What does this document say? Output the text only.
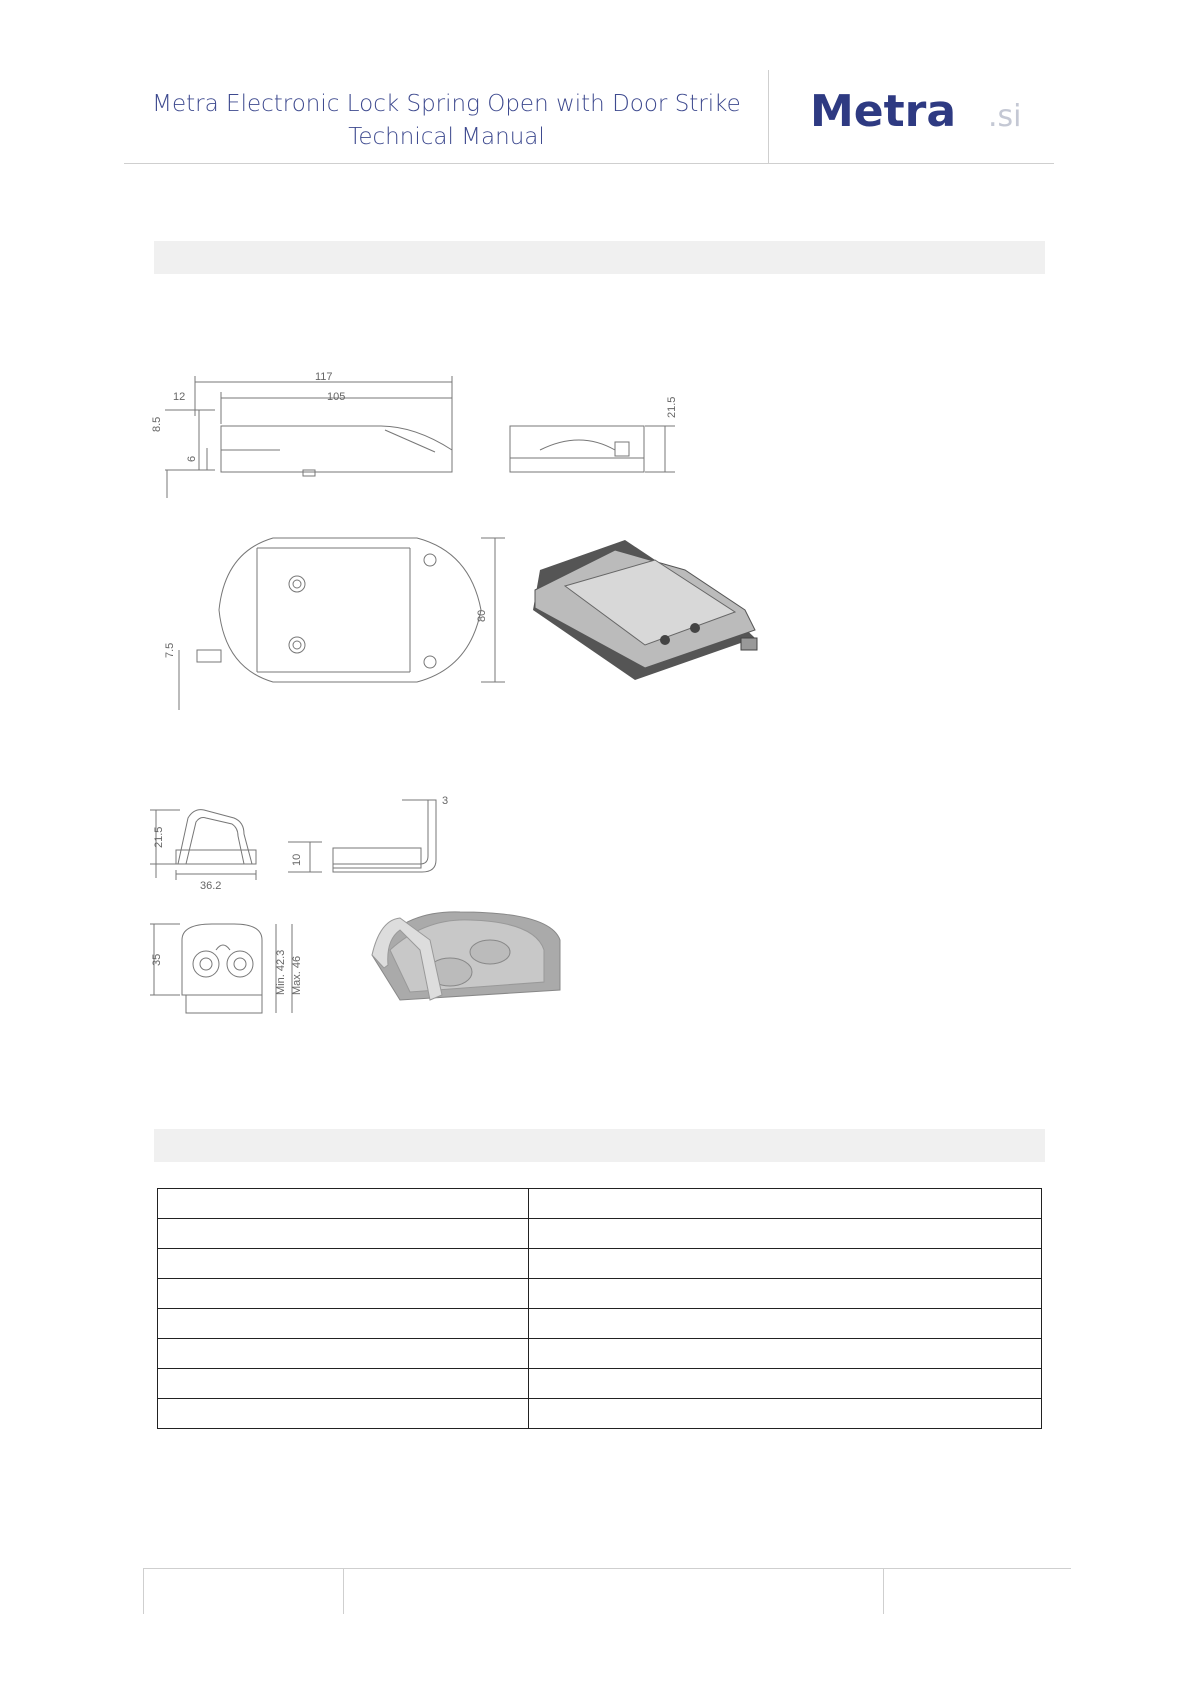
Metra Electronic Lock Spring Open with Door Strike
Technical Manual	Metra .si
117
105
12
8.5
6
21.5
80
7.5
21.5
36.2
10
3
35	Min. 42.3 Max. 46
